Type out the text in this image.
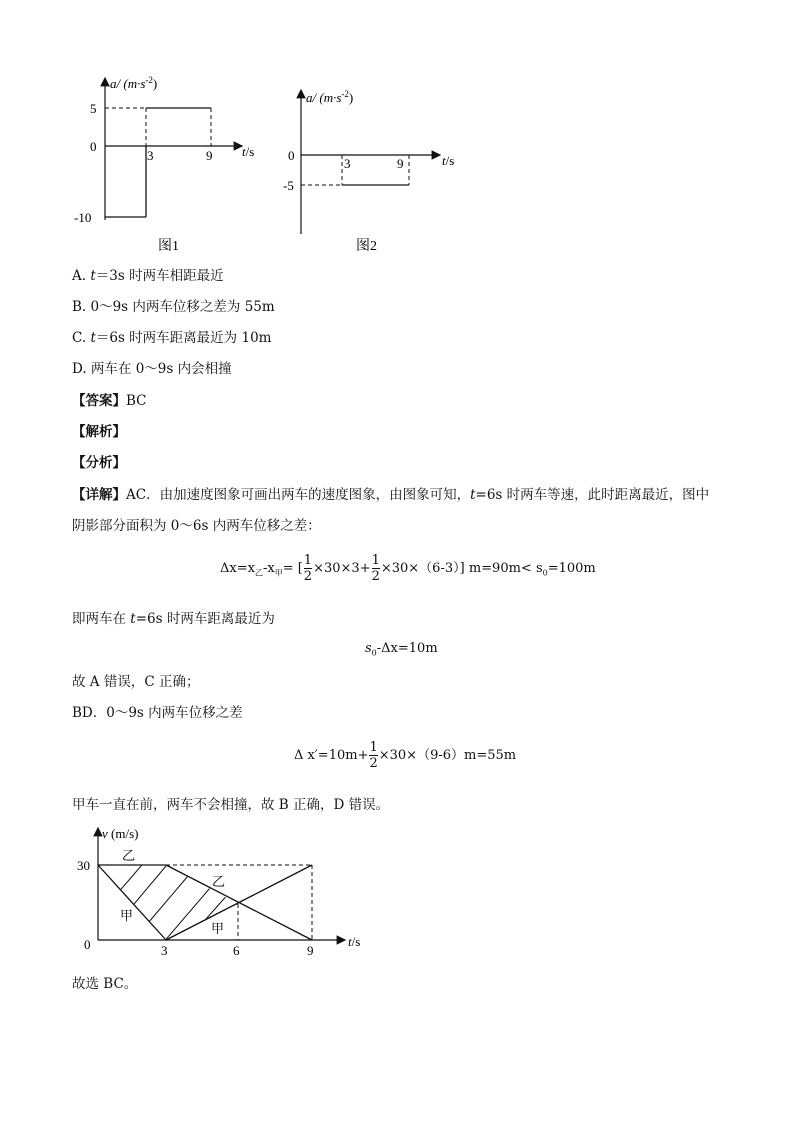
a/ $(m\cdot s^{-2})$
5
0
-10
3	9 t/s
图1
a/ $(m\cdot s^{-2})$
0
-5
3	9	t/s
图2
A. t＝3s 时两车相距最近
B. 0～9s 内两车位移之差为 55m
C. t＝6s 时两车距离最近为 10m
D. 两车在 0～9s 内会相撞
【答案】BC
【解析】
【分析】
【详解】AC．由加速度图象可画出两车的速度图象，由图象可知，t=6s 时两车等速，此时距离最近，图中
阴影部分面积为 0～6s 内两车位移之差：
$\Delta x=x_乙-x_甲=$ [ $\frac{1}{2} \times 30\times 3+ \frac{1}{2} \times 30\times(6-3)$] $m=90m< s_0=100m$
即两车在 t=6s 时两车距离最近为
$s_0-\Delta x=10m$
故 A 错误，C 正确；
BD．0～9s 内两车位移之差
Δ $x'=10m+ \frac{1}{2} \times 30\times(9-6)m=55m$
甲车一直在前，两车不会相撞，故 B 正确，D 错误。
v (m/s)
30
0	3	6	9
t/s
乙
乙
甲
甲
故选 BC。
